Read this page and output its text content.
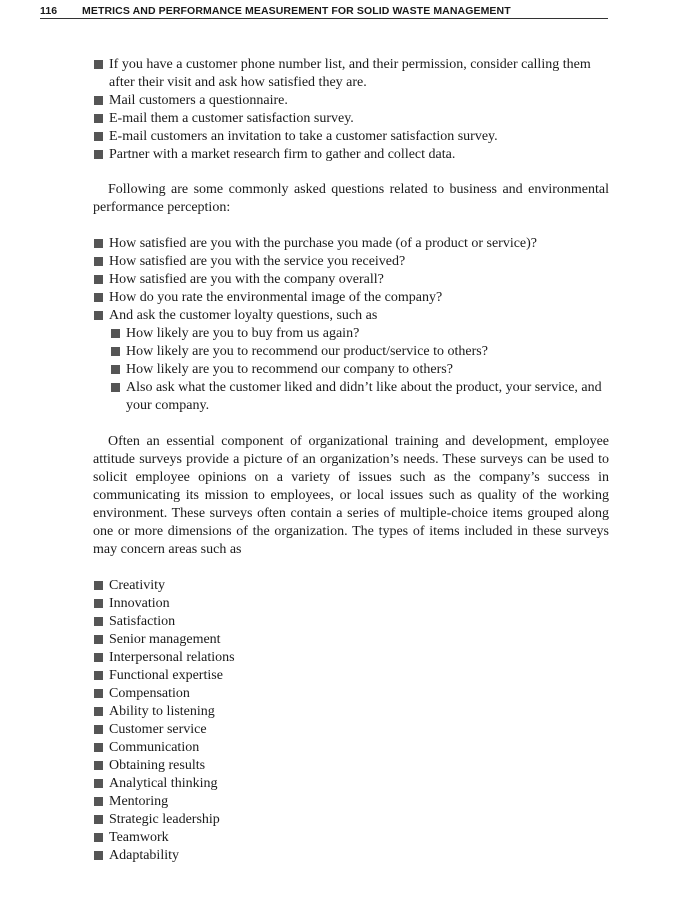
116 METRICS AND PERFORMANCE MEASUREMENT FOR SOLID WASTE MANAGEMENT
If you have a customer phone number list, and their permission, consider calling them after their visit and ask how satisfied they are.
Mail customers a questionnaire.
E-mail them a customer satisfaction survey.
E-mail customers an invitation to take a customer satisfaction survey.
Partner with a market research firm to gather and collect data.

Following are some commonly asked questions related to business and environmental performance perception:

How satisfied are you with the purchase you made (of a product or service)?
How satisfied are you with the service you received?
How satisfied are you with the company overall?
How do you rate the environmental image of the company?
And ask the customer loyalty questions, such as
How likely are you to buy from us again?
How likely are you to recommend our product/service to others?
How likely are you to recommend our company to others?
Also ask what the customer liked and didn’t like about the product, your service, and your company.

Often an essential component of organizational training and development, employee attitude surveys provide a picture of an organization’s needs. These surveys can be used to solicit employee opinions on a variety of issues such as the company’s success in communicating its mission to employees, or local issues such as quality of the working environment. These surveys often contain a series of multiple-choice items grouped along one or more dimensions of the organization. The types of items included in these surveys may concern areas such as

Creativity
Innovation
Satisfaction
Senior management
Interpersonal relations
Functional expertise
Compensation
Ability to listening
Customer service
Communication
Obtaining results
Analytical thinking
Mentoring
Strategic leadership
Teamwork
Adaptability
